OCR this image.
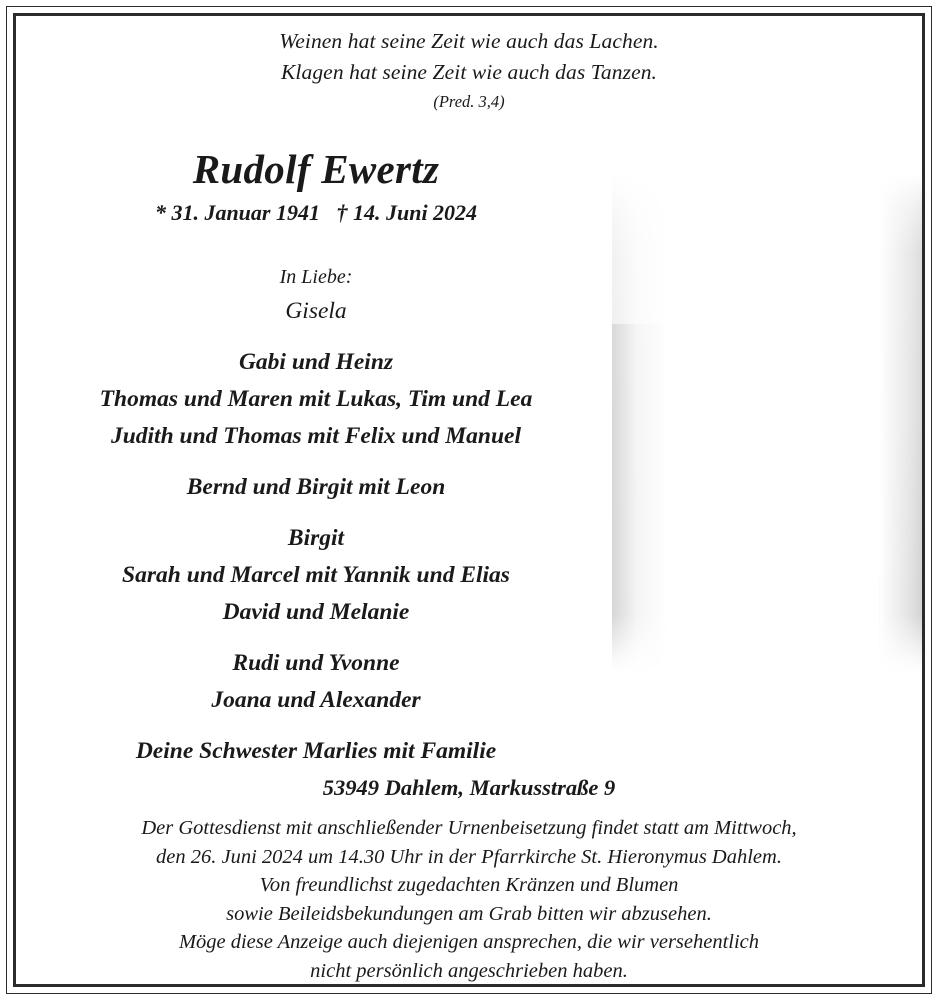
Weinen hat seine Zeit wie auch das Lachen.
Klagen hat seine Zeit wie auch das Tanzen.
(Pred. 3,4)
Rudolf Ewertz
* 31. Januar 1941   † 14. Juni 2024
In Liebe:
Gisela
Gabi und Heinz
Thomas und Maren mit Lukas, Tim und Lea
Judith und Thomas mit Felix und Manuel
Bernd und Birgit mit Leon
Birgit
Sarah und Marcel mit Yannik und Elias
David und Melanie
Rudi und Yvonne
Joana und Alexander
Deine Schwester Marlies mit Familie
53949 Dahlem, Markusstraße 9
Der Gottesdienst mit anschließender Urnenbeisetzung findet statt am Mittwoch,
den 26. Juni 2024 um 14.30 Uhr in der Pfarrkirche St. Hieronymus Dahlem.
Von freundlichst zugedachten Kränzen und Blumen
sowie Beileidsbekundungen am Grab bitten wir abzusehen.
Möge diese Anzeige auch diejenigen ansprechen, die wir versehentlich
nicht persönlich angeschrieben haben.
